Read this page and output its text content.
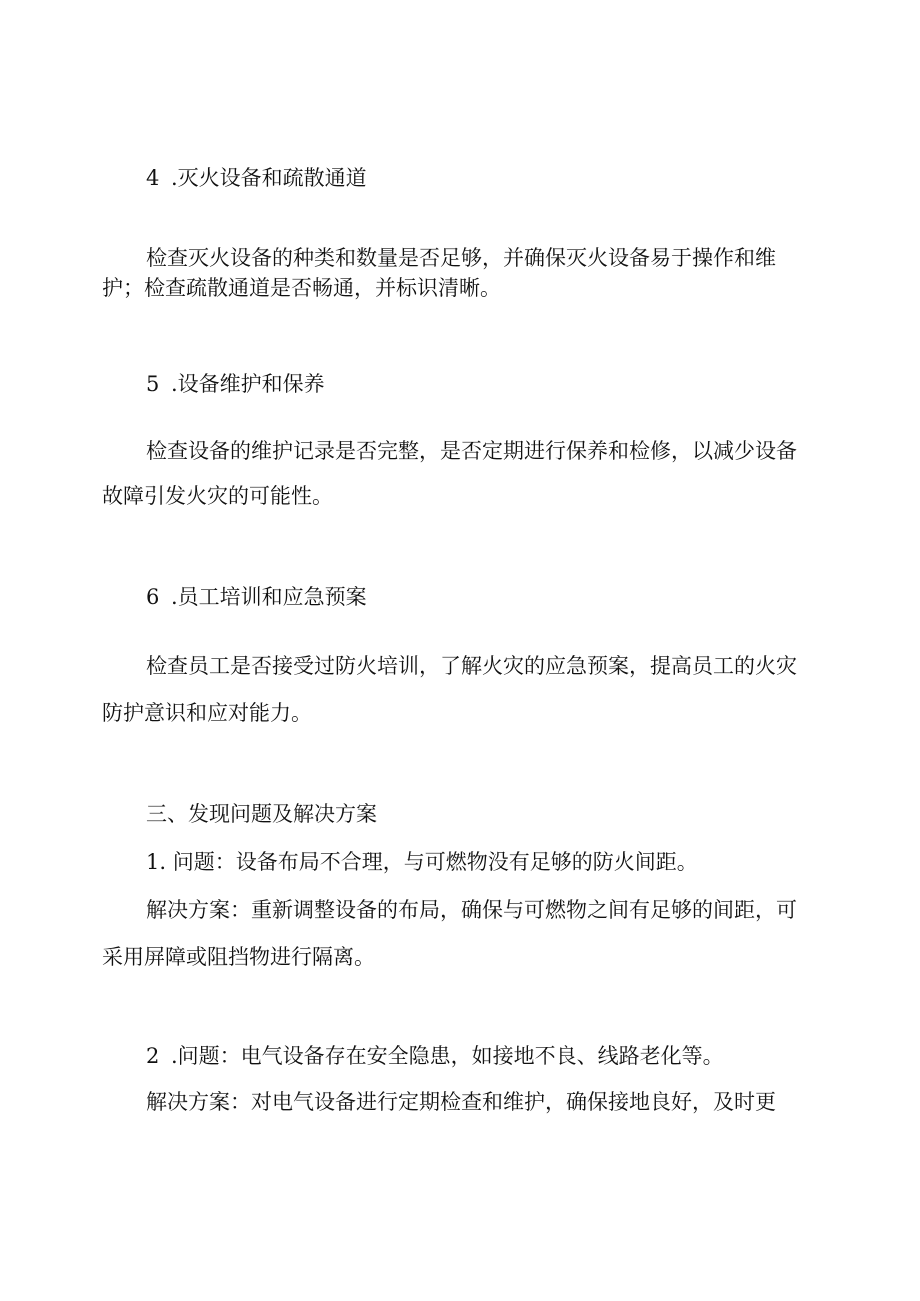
4 .灭火设备和疏散通道
检查灭火设备的种类和数量是否足够，并确保灭火设备易于操作和维
护；检查疏散通道是否畅通，并标识清晰。
5 .设备维护和保养
检查设备的维护记录是否完整，是否定期进行保养和检修，以减少设备
故障引发火灾的可能性。
6 .员工培训和应急预案
检查员工是否接受过防火培训，了解火灾的应急预案，提高员工的火灾
防护意识和应对能力。
三、发现问题及解决方案
1. 问题：设备布局不合理，与可燃物没有足够的防火间距。
解决方案：重新调整设备的布局，确保与可燃物之间有足够的间距，可
采用屏障或阻挡物进行隔离。
2 .问题：电气设备存在安全隐患，如接地不良、线路老化等。
解决方案：对电气设备进行定期检查和维护，确保接地良好，及时更
